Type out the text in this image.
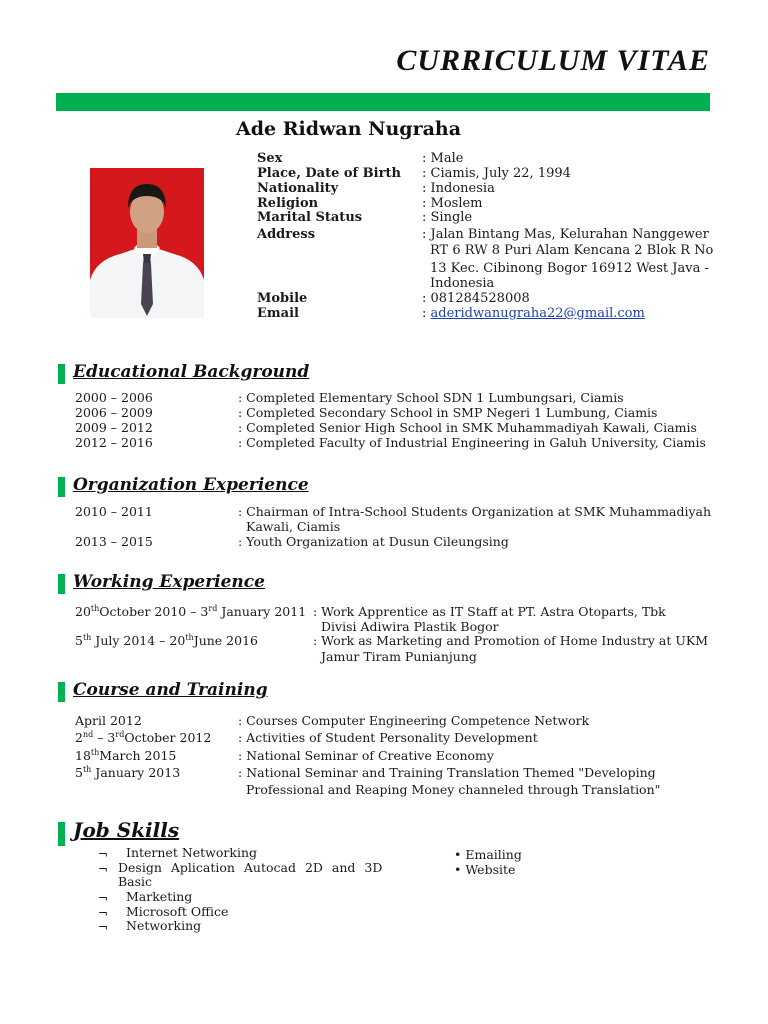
CURRICULUM VITAE
Ade Ridwan Nugraha
Sex	: Male
Place, Date of Birth : Ciamis, July 22, 1994
Nationality	: Indonesia
Religion	: Moslem
Marital Status	: Single
Address	: Jalan Bintang Mas, Kelurahan Nanggewer
RT 6 RW 8 Puri Alam Kencana 2 Blok R No
13 Kec. Cibinong Bogor 16912 West Java -
Indonesia
Mobile	: 081284528008
Email	: aderidwanugraha22@gmail.com
Educational Background
2000 – 2006	: Completed Elementary School SDN 1 Lumbungsari, Ciamis
2006 – 2009	: Completed Secondary School in SMP Negeri 1 Lumbung, Ciamis
2009 – 2012	: Completed Senior High School in SMK Muhammadiyah Kawali, Ciamis
2012 – 2016	: Completed Faculty of Industrial Engineering in Galuh University, Ciamis
Organization Experience
2010 – 2011	: Chairman of Intra-School Students Organization at SMK Muhammadiyah
Kawali, Ciamis
2013 – 2015	: Youth Organization at Dusun Cileungsing
Working Experience
20thOctober 2010 – 3rd January 2011 : Work Apprentice as IT Staff at PT. Astra Otoparts, Tbk
Divisi Adiwira Plastik Bogor
5th July 2014 – 20thJune 2016	: Work as Marketing and Promotion of Home Industry at UKM
Jamur Tiram Punianjung
Course and Training
April 2012	: Courses Computer Engineering Competence Network
2nd – 3rdOctober 2012 : Activities of Student Personality Development
18thMarch 2015	: National Seminar of Creative Economy
5th January 2013	: National Seminar and Training Translation Themed "Developing
Professional and Reaping Money channeled through Translation"
Job Skills
¬ Internet Networking
¬ Design Aplication Autocad 2D and 3D
Basic
¬ Marketing
¬ Microsoft Office
¬ Networking
• Emailing
• Website
